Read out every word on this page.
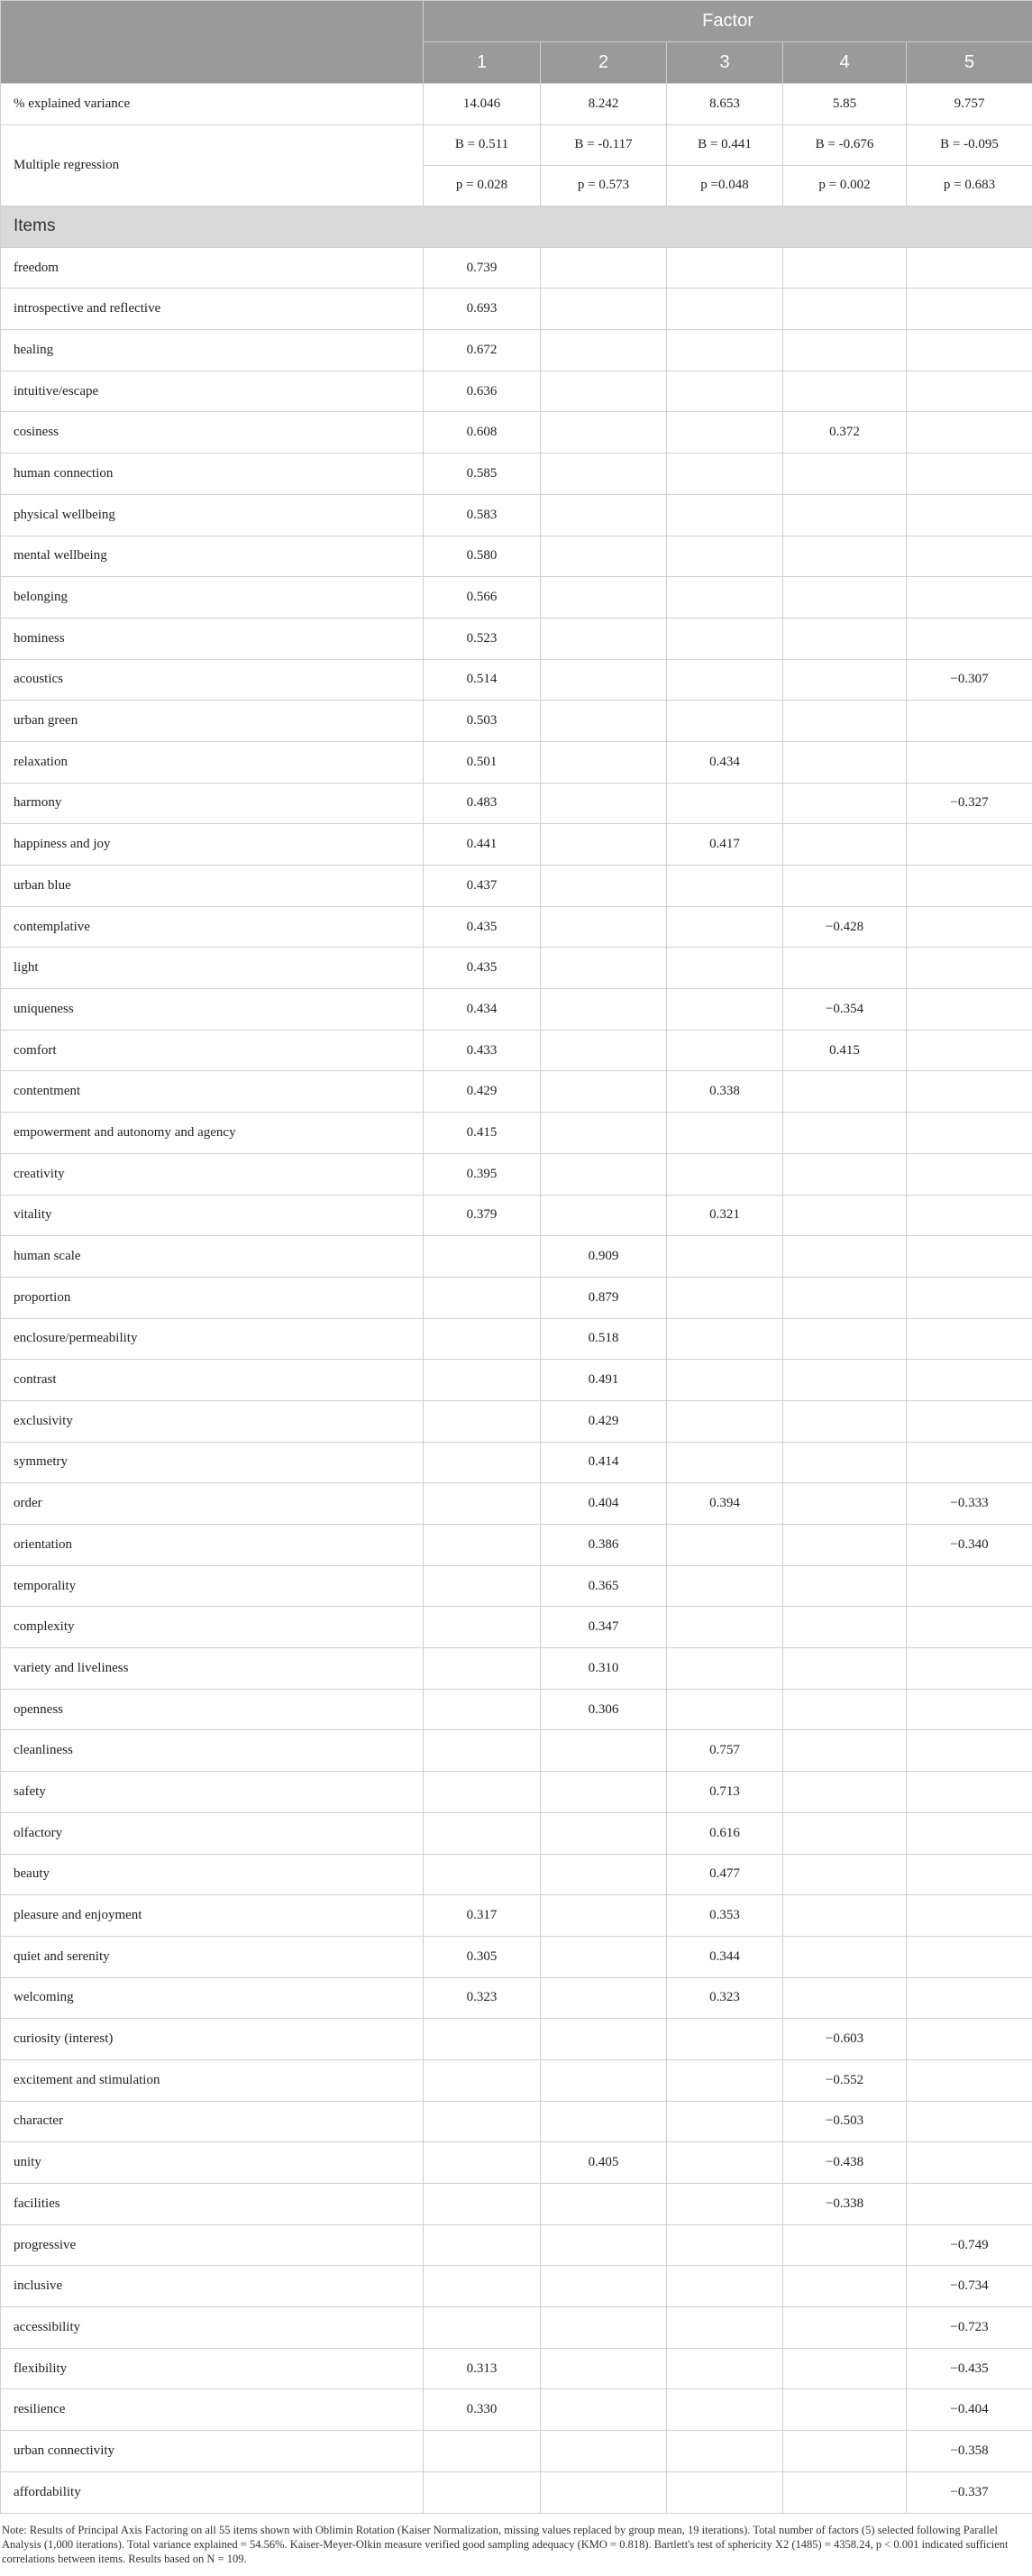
	Factor				
	1	2	3	4	5
% explained variance	14.046	8.242	8.653	5.85	9.757
Multiple regression	B = 0.511	B = -0.117	B = 0.441	B = -0.676	B = -0.095
	p = 0.028	p = 0.573	p =0.048	p = 0.002	p = 0.683
Items					
freedom	0.739				
introspective and reflective	0.693				
healing	0.672				
intuitive/escape	0.636				
cosiness	0.608			0.372	
human connection	0.585				
physical wellbeing	0.583				
mental wellbeing	0.580				
belonging	0.566				
hominess	0.523				
acoustics	0.514				−0.307
urban green	0.503				
relaxation	0.501		0.434		
harmony	0.483				−0.327
happiness and joy	0.441		0.417		
urban blue	0.437				
contemplative	0.435			−0.428	
light	0.435				
uniqueness	0.434			−0.354	
comfort	0.433			0.415	
contentment	0.429		0.338		
empowerment and autonomy and agency	0.415				
creativity	0.395				
vitality	0.379		0.321		
human scale		0.909			
proportion		0.879			
enclosure/permeability		0.518			
contrast		0.491			
exclusivity		0.429			
symmetry		0.414			
order		0.404	0.394		−0.333
orientation		0.386			−0.340
temporality		0.365			
complexity		0.347			
variety and liveliness		0.310			
openness		0.306			
cleanliness			0.757		
safety			0.713		
olfactory			0.616		
beauty			0.477		
pleasure and enjoyment	0.317		0.353		
quiet and serenity	0.305		0.344		
welcoming	0.323		0.323		
curiosity (interest)				−0.603	
excitement and stimulation				−0.552	
character				−0.503	
unity		0.405		−0.438	
facilities				−0.338	
progressive					−0.749
inclusive					−0.734
accessibility					−0.723
flexibility	0.313				−0.435
resilience	0.330				−0.404
urban connectivity					−0.358
affordability					−0.337
Note: Results of Principal Axis Factoring on all 55 items shown with Oblimin Rotation (Kaiser Normalization, missing values replaced by group mean, 19 iterations). Total number of factors (5) selected following Parallel Analysis (1,000 iterations). Total variance explained = 54.56%. Kaiser-Meyer-Olkin measure verified good sampling adequacy (KMO = 0.818). Bartlett's test of sphericity X2 (1485) = 4358.24, p < 0.001 indicated sufficient correlations between items. Results based on N = 109.
